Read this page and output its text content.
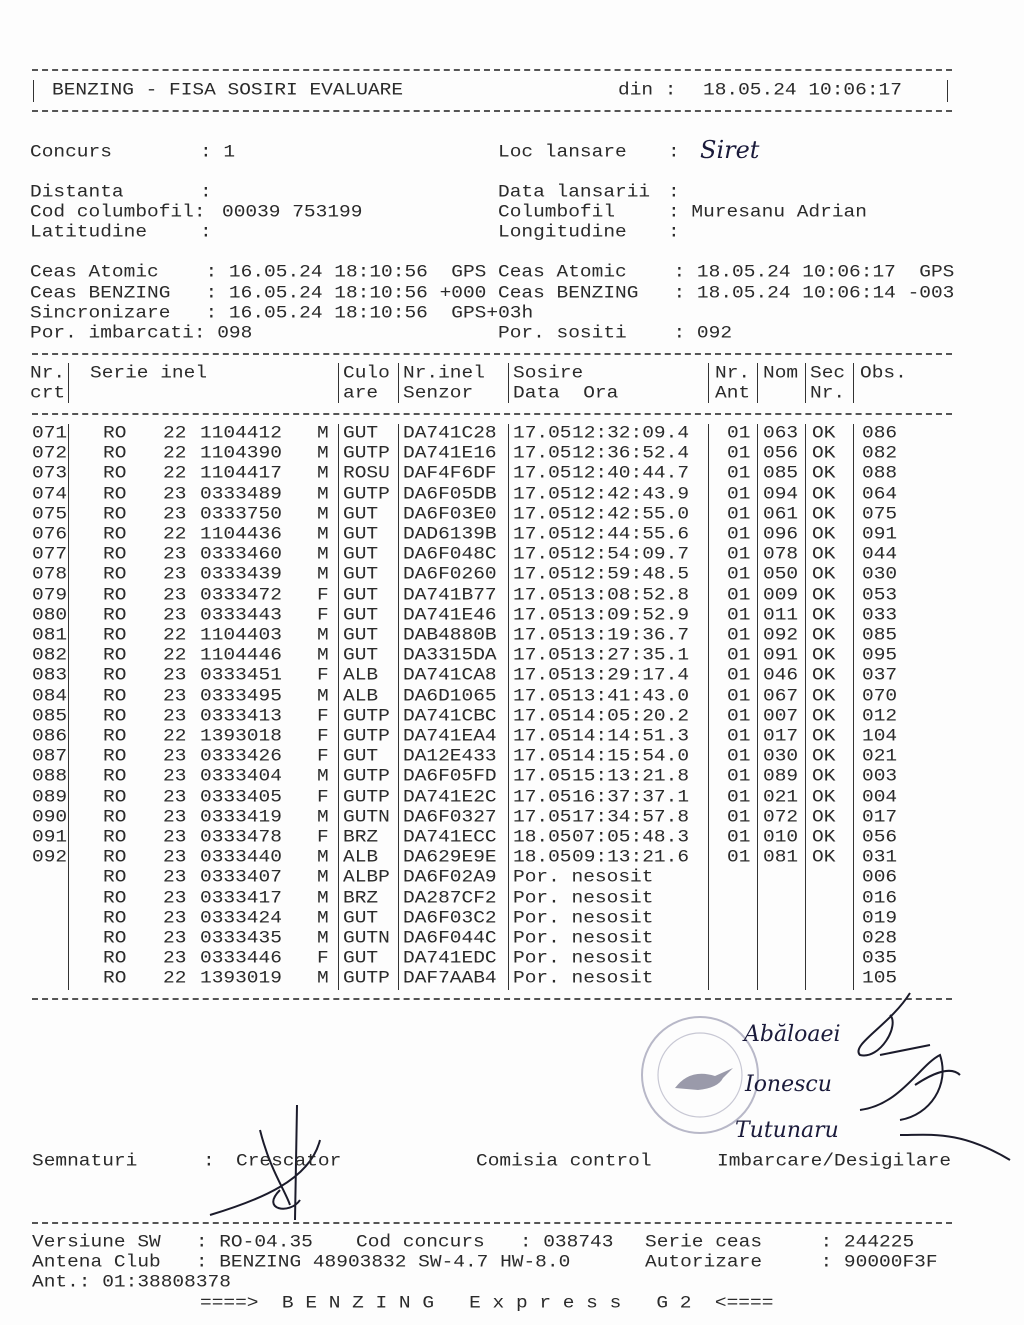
BENZING - FISA SOSIRI EVALUARE	din : 18.05.24 10:06:17
Concurs	: 1	Loc lansare : Siret
Distanta	:
Cod columbofil: 00039 753199
Latitudine	:
Data lansarii :
Columbofil	: Muresanu Adrian
Longitudine :
Ceas Atomic    : 16.05.24 18:10:56  GPS
Ceas BENZING   : 16.05.24 18:10:56 +000
Sincronizare   : 16.05.24 18:10:56  GPS+03h
Por. imbarcati: 098
Ceas Atomic    : 18.05.24 10:06:17  GPS
Ceas BENZING   : 18.05.24 10:06:14 -003
Por. sositi    : 092
Nr. Serie inel	Culo Nr.inel Sosire	Nr. Nom Sec Obs.
crt	are Senzor Data  Ora	Ant	Nr.
071 RO 22 1104412 M GUT DA741C28 17.05 12:32:09.4 01 063 OK 086
072 RO 22 1104390 M GUTP DA741E16 17.05 12:36:52.4 01 056 OK 082
073 RO 22 1104417 M ROSU DAF4F6DF 17.05 12:40:44.7 01 085 OK 088
074 RO 23 0333489 M GUTP DA6F05DB 17.05 12:42:43.9 01 094 OK 064
075 RO 23 0333750 M GUT DA6F03E0 17.05 12:42:55.0 01 061 OK 075
076 RO 22 1104436 M GUT DAD6139B 17.05 12:44:55.6 01 096 OK 091
077 RO 23 0333460 M GUT DA6F048C 17.05 12:54:09.7 01 078 OK 044
078 RO 23 0333439 M GUT DA6F0260 17.05 12:59:48.5 01 050 OK 030
079 RO 23 0333472 F GUT DA741B77 17.05 13:08:52.8 01 009 OK 053
080 RO 23 0333443 F GUT DA741E46 17.05 13:09:52.9 01 011 OK 033
081 RO 22 1104403 M GUT DAB4880B 17.05 13:19:36.7 01 092 OK 085
082 RO 22 1104446 M GUT DA3315DA 17.05 13:27:35.1 01 091 OK 095
083 RO 23 0333451 F ALB DA741CA8 17.05 13:29:17.4 01 046 OK 037
084 RO 23 0333495 M ALB DA6D1065 17.05 13:41:43.0 01 067 OK 070
085 RO 23 0333413 F GUTP DA741CBC 17.05 14:05:20.2 01 007 OK 012
086 RO 22 1393018 F GUTP DA741EA4 17.05 14:14:51.3 01 017 OK 104
087 RO 23 0333426 F GUT DA12E433 17.05 14:15:54.0 01 030 OK 021
088 RO 23 0333404 M GUTP DA6F05FD 17.05 15:13:21.8 01 089 OK 003
089 RO 23 0333405 F GUTP DA741E2C 17.05 16:37:37.1 01 021 OK 004
090 RO 23 0333419 M GUTN DA6F0327 17.05 17:34:57.8 01 072 OK 017
091 RO 23 0333478 F BRZ DA741ECC 18.05 07:05:48.3 01 010 OK 056
092 RO 23 0333440 M ALB DA629E9E 18.05 09:13:21.6 01 081 OK 031
RO 23 0333407 M ALBP DA6F02A9 Por. nesosit	006
RO 23 0333417 M BRZ DA287CF2 Por. nesosit	016
RO 23 0333424 M GUT DA6F03C2 Por. nesosit	019
RO 23 0333435 M GUTN DA6F044C Por. nesosit	028
RO 23 0333446 F GUT DA741EDC Por. nesosit	035
RO 22 1393019 M GUTP DAF7AAB4 Por. nesosit	105
Abăloaei
Ionescu
Tutunaru
Semnaturi	: Crescator	Comisia control	Imbarcare/Desigilare
Versiune SW   : RO-04.35 Cod concurs   : 038743 Serie ceas     : 244225
Antena Club   : BENZING 48903832 SW-4.7 HW-8.0	Autorizare     : 90000F3F
Ant.: 01:38808378
====>  B E N Z I N G   E x p r e s s   G 2  <====
